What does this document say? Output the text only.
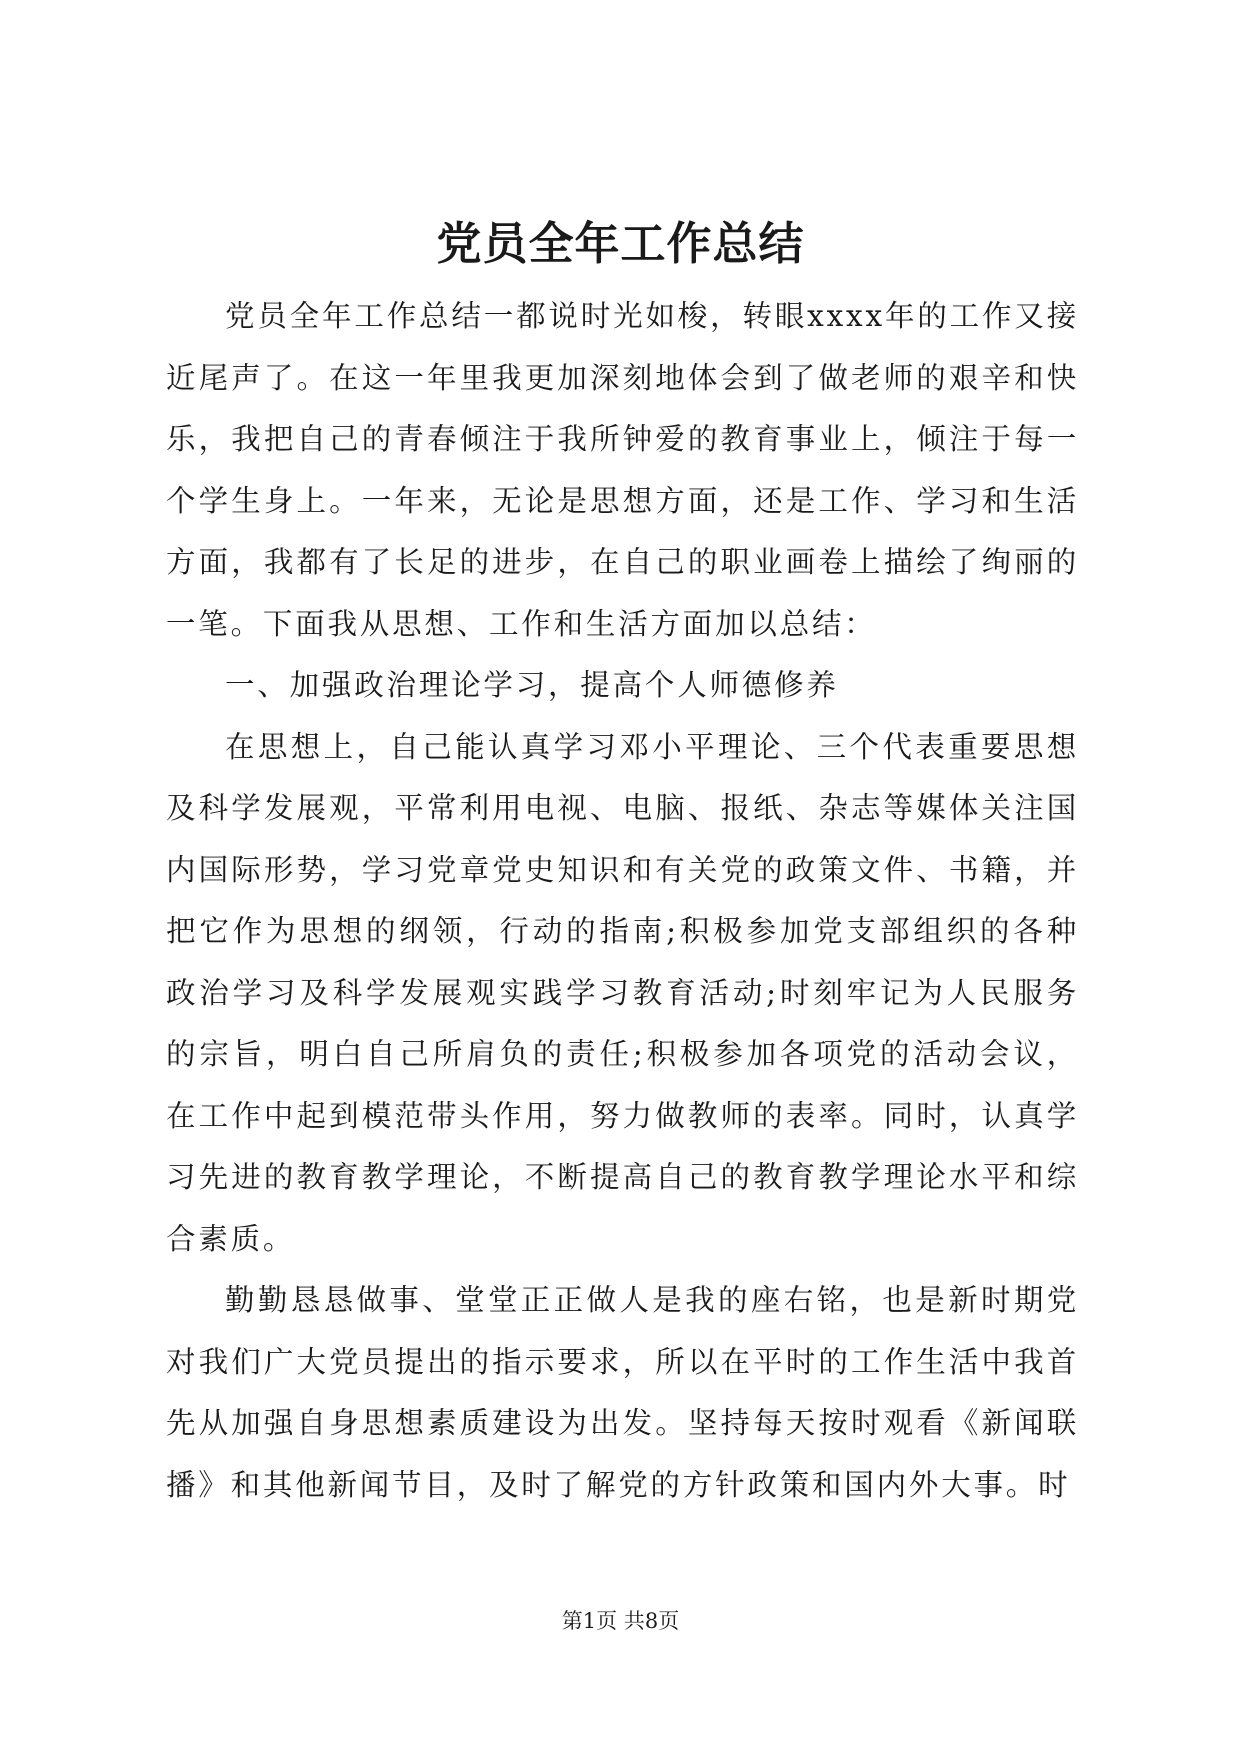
党员全年工作总结

党员全年工作总结一都说时光如梭，转眼xxxx年的工作又接近尾声了。在这一年里我更加深刻地体会到了做老师的艰辛和快乐，我把自己的青春倾注于我所钟爱的教育事业上，倾注于每一个学生身上。一年来，无论是思想方面，还是工作、学习和生活方面，我都有了长足的进步，在自己的职业画卷上描绘了绚丽的一笔。下面我从思想、工作和生活方面加以总结：

一、加强政治理论学习，提高个人师德修养

在思想上，自己能认真学习邓小平理论、三个代表重要思想及科学发展观，平常利用电视、电脑、报纸、杂志等媒体关注国内国际形势，学习党章党史知识和有关党的政策文件、书籍，并把它作为思想的纲领，行动的指南;积极参加党支部组织的各种政治学习及科学发展观实践学习教育活动;时刻牢记为人民服务的宗旨，明白自己所肩负的责任;积极参加各项党的活动会议，在工作中起到模范带头作用，努力做教师的表率。同时，认真学习先进的教育教学理论，不断提高自己的教育教学理论水平和综合素质。

勤勤恳恳做事、堂堂正正做人是我的座右铭，也是新时期党对我们广大党员提出的指示要求，所以在平时的工作生活中我首先从加强自身思想素质建设为出发。坚持每天按时观看《新闻联播》和其他新闻节目，及时了解党的方针政策和国内外大事。时

第1页 共8页
